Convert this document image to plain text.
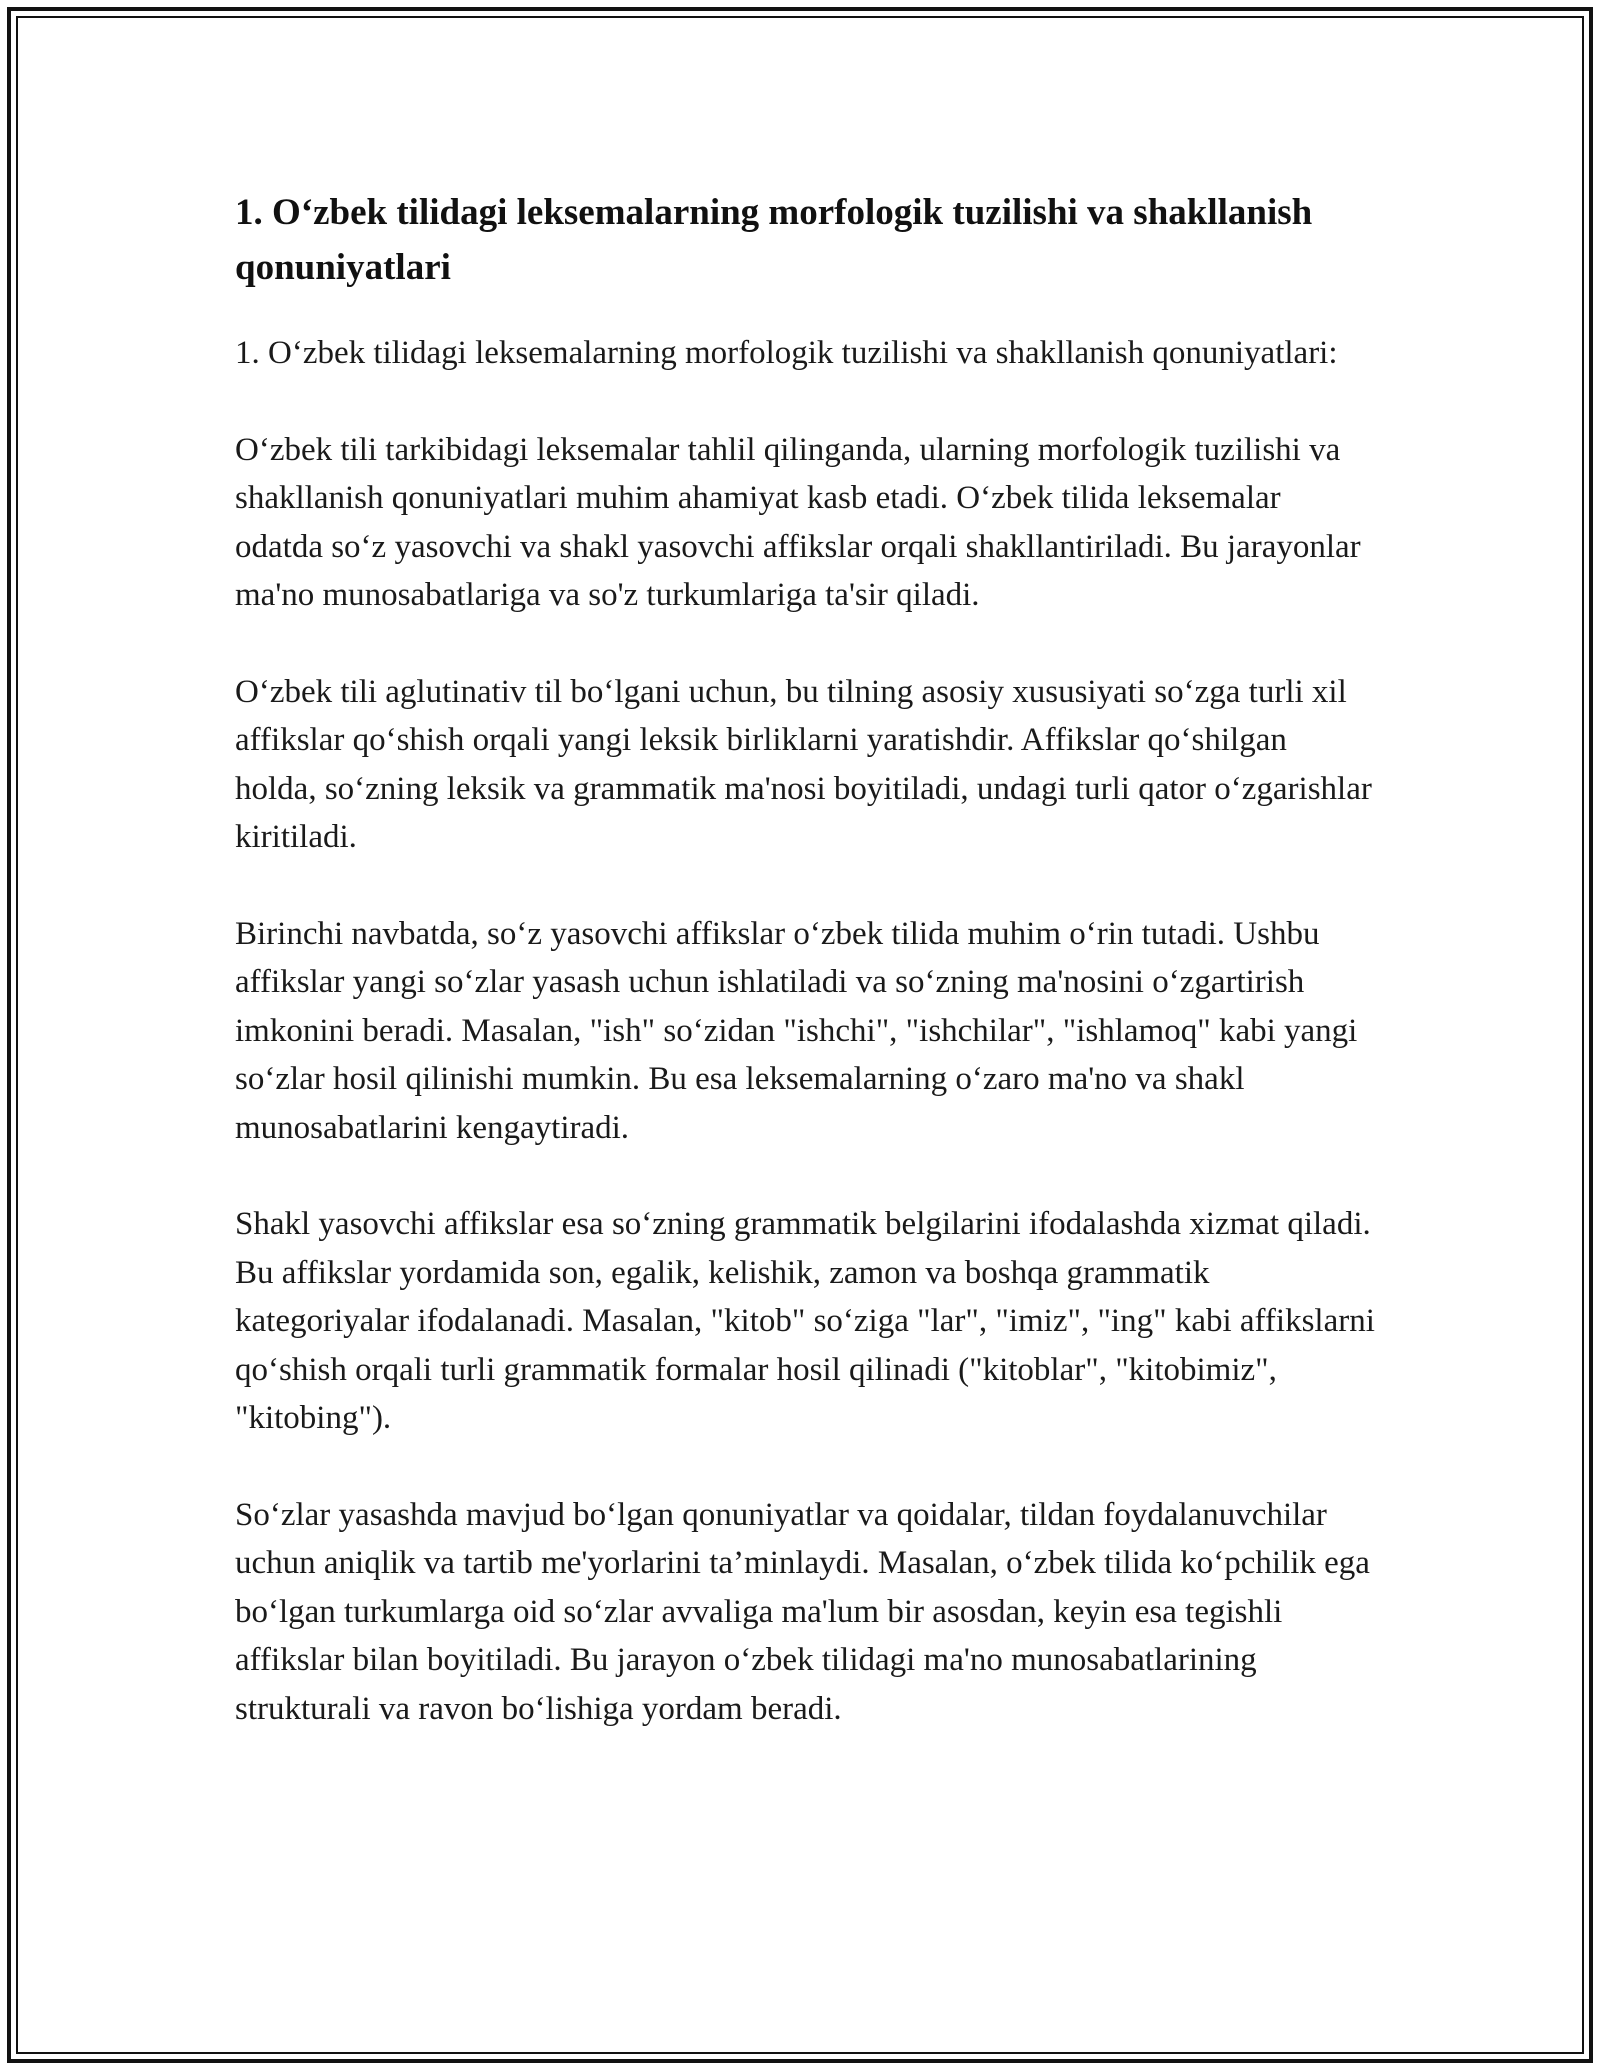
1. O‘zbek tilidagi leksemalarning morfologik tuzilishi va shakllanish qonuniyatlari

1. O‘zbek tilidagi leksemalarning morfologik tuzilishi va shakllanish qonuniyatlari:

O‘zbek tili tarkibidagi leksemalar tahlil qilinganda, ularning morfologik tuzilishi va shakllanish qonuniyatlari muhim ahamiyat kasb etadi. O‘zbek tilida leksemalar odatda so‘z yasovchi va shakl yasovchi affikslar orqali shakllantiriladi. Bu jarayonlar ma'no munosabatlariga va so'z turkumlariga ta'sir qiladi.

O‘zbek tili aglutinativ til bo‘lgani uchun, bu tilning asosiy xususiyati so‘zga turli xil affikslar qo‘shish orqali yangi leksik birliklarni yaratishdir. Affikslar qo‘shilgan holda, so‘zning leksik va grammatik ma'nosi boyitiladi, undagi turli qator o‘zgarishlar kiritiladi.

Birinchi navbatda, so‘z yasovchi affikslar o‘zbek tilida muhim o‘rin tutadi. Ushbu affikslar yangi so‘zlar yasash uchun ishlatiladi va so‘zning ma'nosini o‘zgartirish imkonini beradi. Masalan, "ish" so‘zidan "ishchi", "ishchilar", "ishlamoq" kabi yangi so‘zlar hosil qilinishi mumkin. Bu esa leksemalarning o‘zaro ma'no va shakl munosabatlarini kengaytiradi.

Shakl yasovchi affikslar esa so‘zning grammatik belgilarini ifodalashda xizmat qiladi. Bu affikslar yordamida son, egalik, kelishik, zamon va boshqa grammatik kategoriyalar ifodalanadi. Masalan, "kitob" so‘ziga "lar", "imiz", "ing" kabi affikslarni qo‘shish orqali turli grammatik formalar hosil qilinadi ("kitoblar", "kitobimiz", "kitobing").

So‘zlar yasashda mavjud bo‘lgan qonuniyatlar va qoidalar, tildan foydalanuvchilar uchun aniqlik va tartib me'yorlarini ta’minlaydi. Masalan, o‘zbek tilida ko‘pchilik ega bo‘lgan turkumlarga oid so‘zlar avvaliga ma'lum bir asosdan, keyin esa tegishli affikslar bilan boyitiladi. Bu jarayon o‘zbek tilidagi ma'no munosabatlarining strukturali va ravon bo‘lishiga yordam beradi.
